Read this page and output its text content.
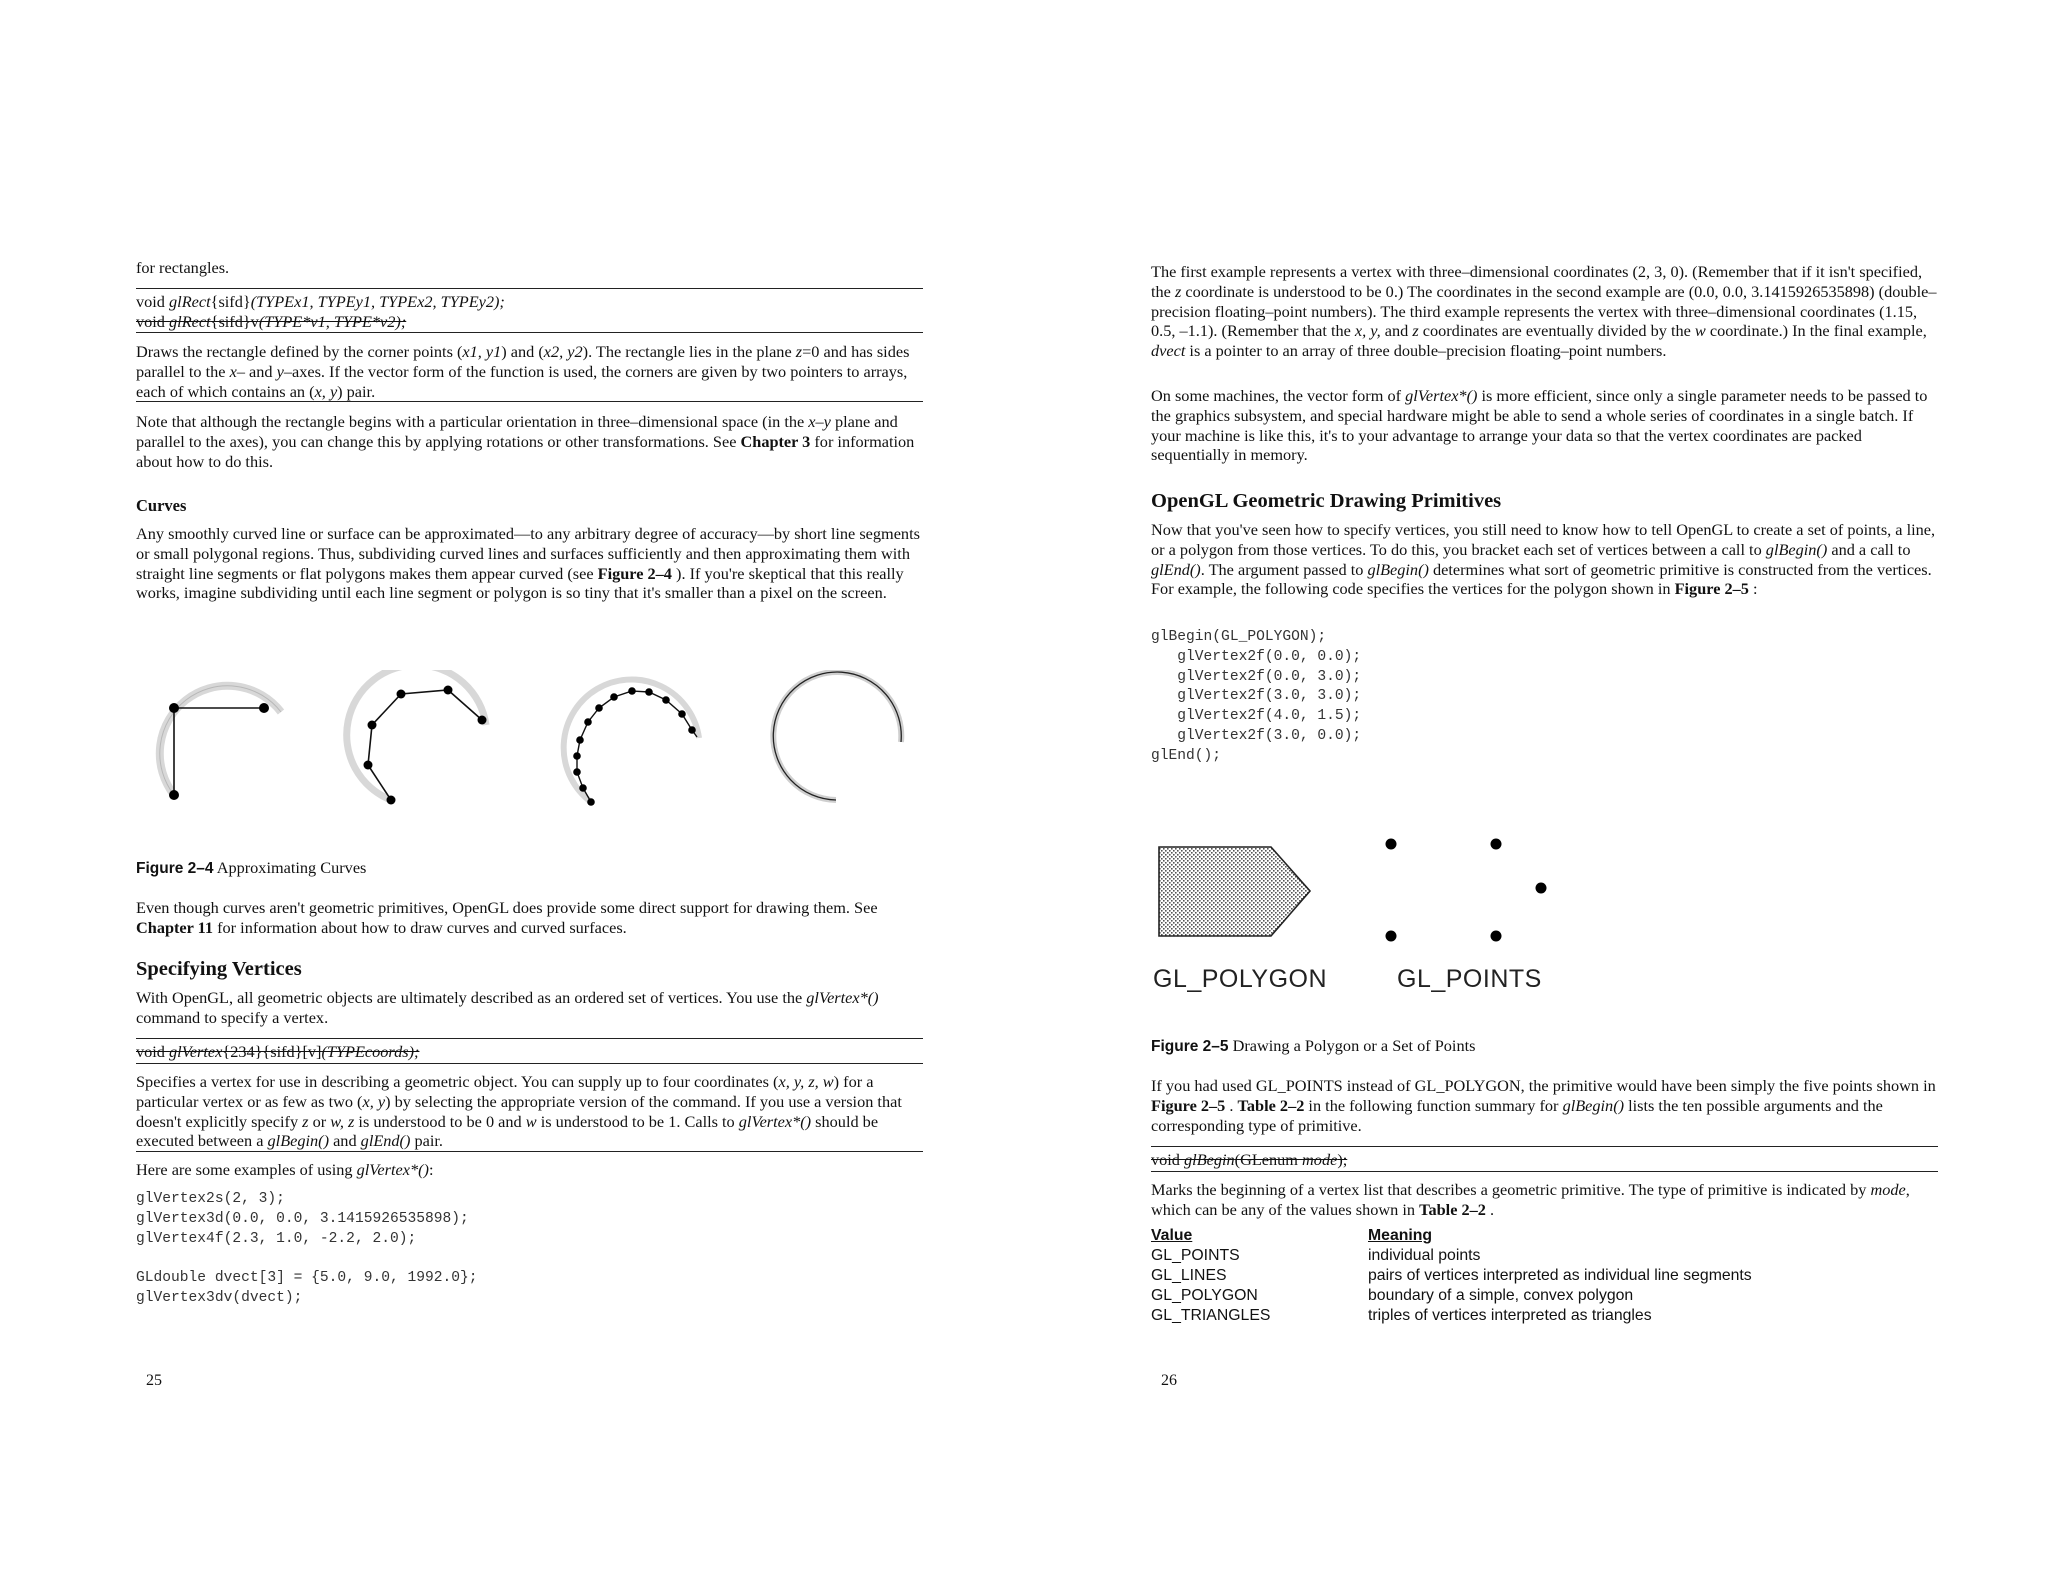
for rectangles.

void glRect{sifd}(TYPEx1, TYPEy1, TYPEx2, TYPEy2);
void glRect{sifd}v(TYPE*v1, TYPE*v2);

Draws the rectangle defined by the corner points (x1, y1) and (x2, y2). The rectangle lies in the plane z=0 and has sides parallel to the x– and y–axes. If the vector form of the function is used, the corners are given by two pointers to arrays, each of which contains an (x, y) pair.

Note that although the rectangle begins with a particular orientation in three–dimensional space (in the x–y plane and parallel to the axes), you can change this by applying rotations or other transformations. See Chapter 3 for information about how to do this.

Curves

Any smoothly curved line or surface can be approximated—to any arbitrary degree of accuracy—by short line segments or small polygonal regions. Thus, subdividing curved lines and surfaces sufficiently and then approximating them with straight line segments or flat polygons makes them appear curved (see Figure 2–4 ). If you're skeptical that this really works, imagine subdividing until each line segment or polygon is so tiny that it's smaller than a pixel on the screen.

Figure 2–4 Approximating Curves

Even though curves aren't geometric primitives, OpenGL does provide some direct support for drawing them. See Chapter 11 for information about how to draw curves and curved surfaces.

Specifying Vertices

With OpenGL, all geometric objects are ultimately described as an ordered set of vertices. You use the glVertex*() command to specify a vertex.

void glVertex{234}{sifd}[v](TYPEcoords);

Specifies a vertex for use in describing a geometric object. You can supply up to four coordinates (x, y, z, w) for a particular vertex or as few as two (x, y) by selecting the appropriate version of the command. If you use a version that doesn't explicitly specify z or w, z is understood to be 0 and w is understood to be 1. Calls to glVertex*() should be executed between a glBegin() and glEnd() pair.

Here are some examples of using glVertex*():

glVertex2s(2, 3);
glVertex3d(0.0, 0.0, 3.1415926535898);
glVertex4f(2.3, 1.0, -2.2, 2.0);

GLdouble dvect[3] = {5.0, 9.0, 1992.0};
glVertex3dv(dvect);
25

The first example represents a vertex with three–dimensional coordinates (2, 3, 0). (Remember that if it isn't specified, the z coordinate is understood to be 0.) The coordinates in the second example are (0.0, 0.0, 3.1415926535898) (double–precision floating–point numbers). The third example represents the vertex with three–dimensional coordinates (1.15, 0.5, –1.1). (Remember that the x, y, and z coordinates are eventually divided by the w coordinate.) In the final example, dvect is a pointer to an array of three double–precision floating–point numbers.

On some machines, the vector form of glVertex*() is more efficient, since only a single parameter needs to be passed to the graphics subsystem, and special hardware might be able to send a whole series of coordinates in a single batch. If your machine is like this, it's to your advantage to arrange your data so that the vertex coordinates are packed sequentially in memory.

OpenGL Geometric Drawing Primitives

Now that you've seen how to specify vertices, you still need to know how to tell OpenGL to create a set of points, a line, or a polygon from those vertices. To do this, you bracket each set of vertices between a call to glBegin() and a call to glEnd(). The argument passed to glBegin() determines what sort of geometric primitive is constructed from the vertices. For example, the following code specifies the vertices for the polygon shown in Figure 2–5 :

glBegin(GL_POLYGON);
glVertex2f(0.0, 0.0);
glVertex2f(0.0, 3.0);
glVertex2f(3.0, 3.0);
glVertex2f(4.0, 1.5);
glVertex2f(3.0, 0.0);
glEnd();
GL_POLYGON	GL_POINTS
Figure 2–5 Drawing a Polygon or a Set of Points

If you had used GL_POINTS instead of GL_POLYGON, the primitive would have been simply the five points shown in Figure 2–5 . Table 2–2 in the following function summary for glBegin() lists the ten possible arguments and the corresponding type of primitive.

void glBegin(GLenum mode);

Marks the beginning of a vertex list that describes a geometric primitive. The type of primitive is indicated by mode, which can be any of the values shown in Table 2–2 .

Value	Meaning
GL_POINTS	individual points
GL_LINES	pairs of vertices interpreted as individual line segments
GL_POLYGON	boundary of a simple, convex polygon
GL_TRIANGLES	triples of vertices interpreted as triangles
26
